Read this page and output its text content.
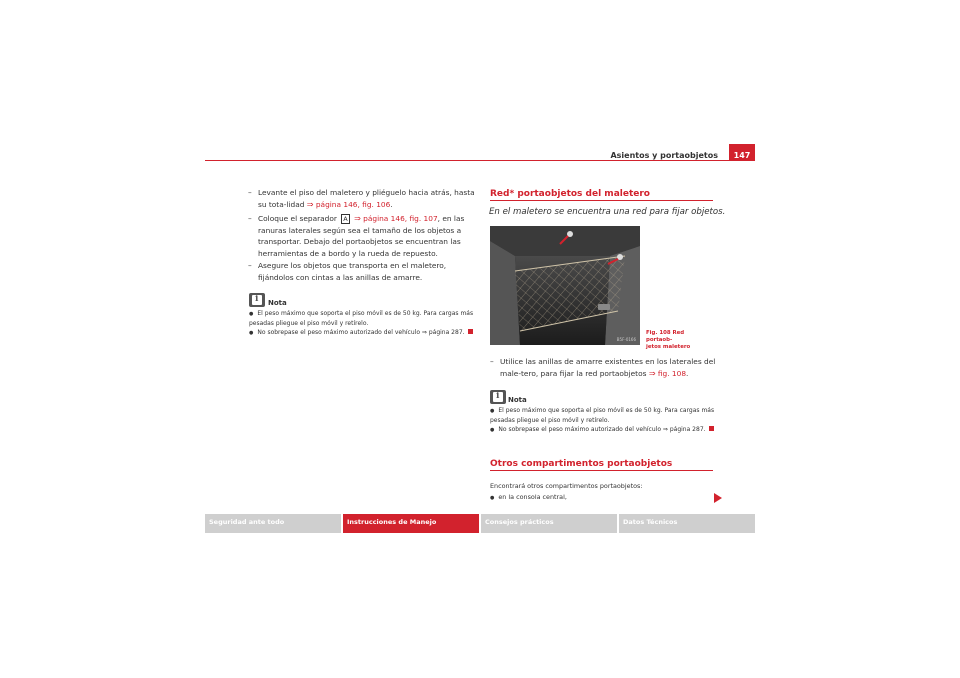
Asientos y portaobjetos	147
– Levante el piso del maletero y pliéguelo hacia atrás, hasta su tota-lidad ⇒ página 146, fig. 106.
– Coloque el separador A ⇒ página 146, fig. 107, en las ranuras laterales según sea el tamaño de los objetos a transportar. Debajo del portaobjetos se encuentran las herramientas de a bordo y la rueda de repuesto.
– Asegure los objetos que transporta en el maletero, fijándolos con cintas a las anillas de amarre.
i
Nota
● El peso máximo que soporta el piso móvil es de 50 kg. Para cargas más pesadas pliegue el piso móvil y retírelo.
● No sobrepase el peso máximo autorizado del vehículo ⇒ página 287.
Red* portaobjetos del maletero
En el maletero se encuentra una red para fijar objetos.
B5F-0166
Fig. 108 Red portaob-
jetos maletero
– Utilice las anillas de amarre existentes en los laterales del male-tero, para fijar la red portaobjetos ⇒ fig. 108.
i
Nota
● El peso máximo que soporta el piso móvil es de 50 kg. Para cargas más pesadas pliegue el piso móvil y retírelo.
● No sobrepase el peso máximo autorizado del vehículo ⇒ página 287.
Otros compartimentos portaobjetos
Encontrará otros compartimentos portaobjetos:
● en la consola central,
Seguridad ante todo	Instrucciones de Manejo	Consejos prácticos	Datos Técnicos
